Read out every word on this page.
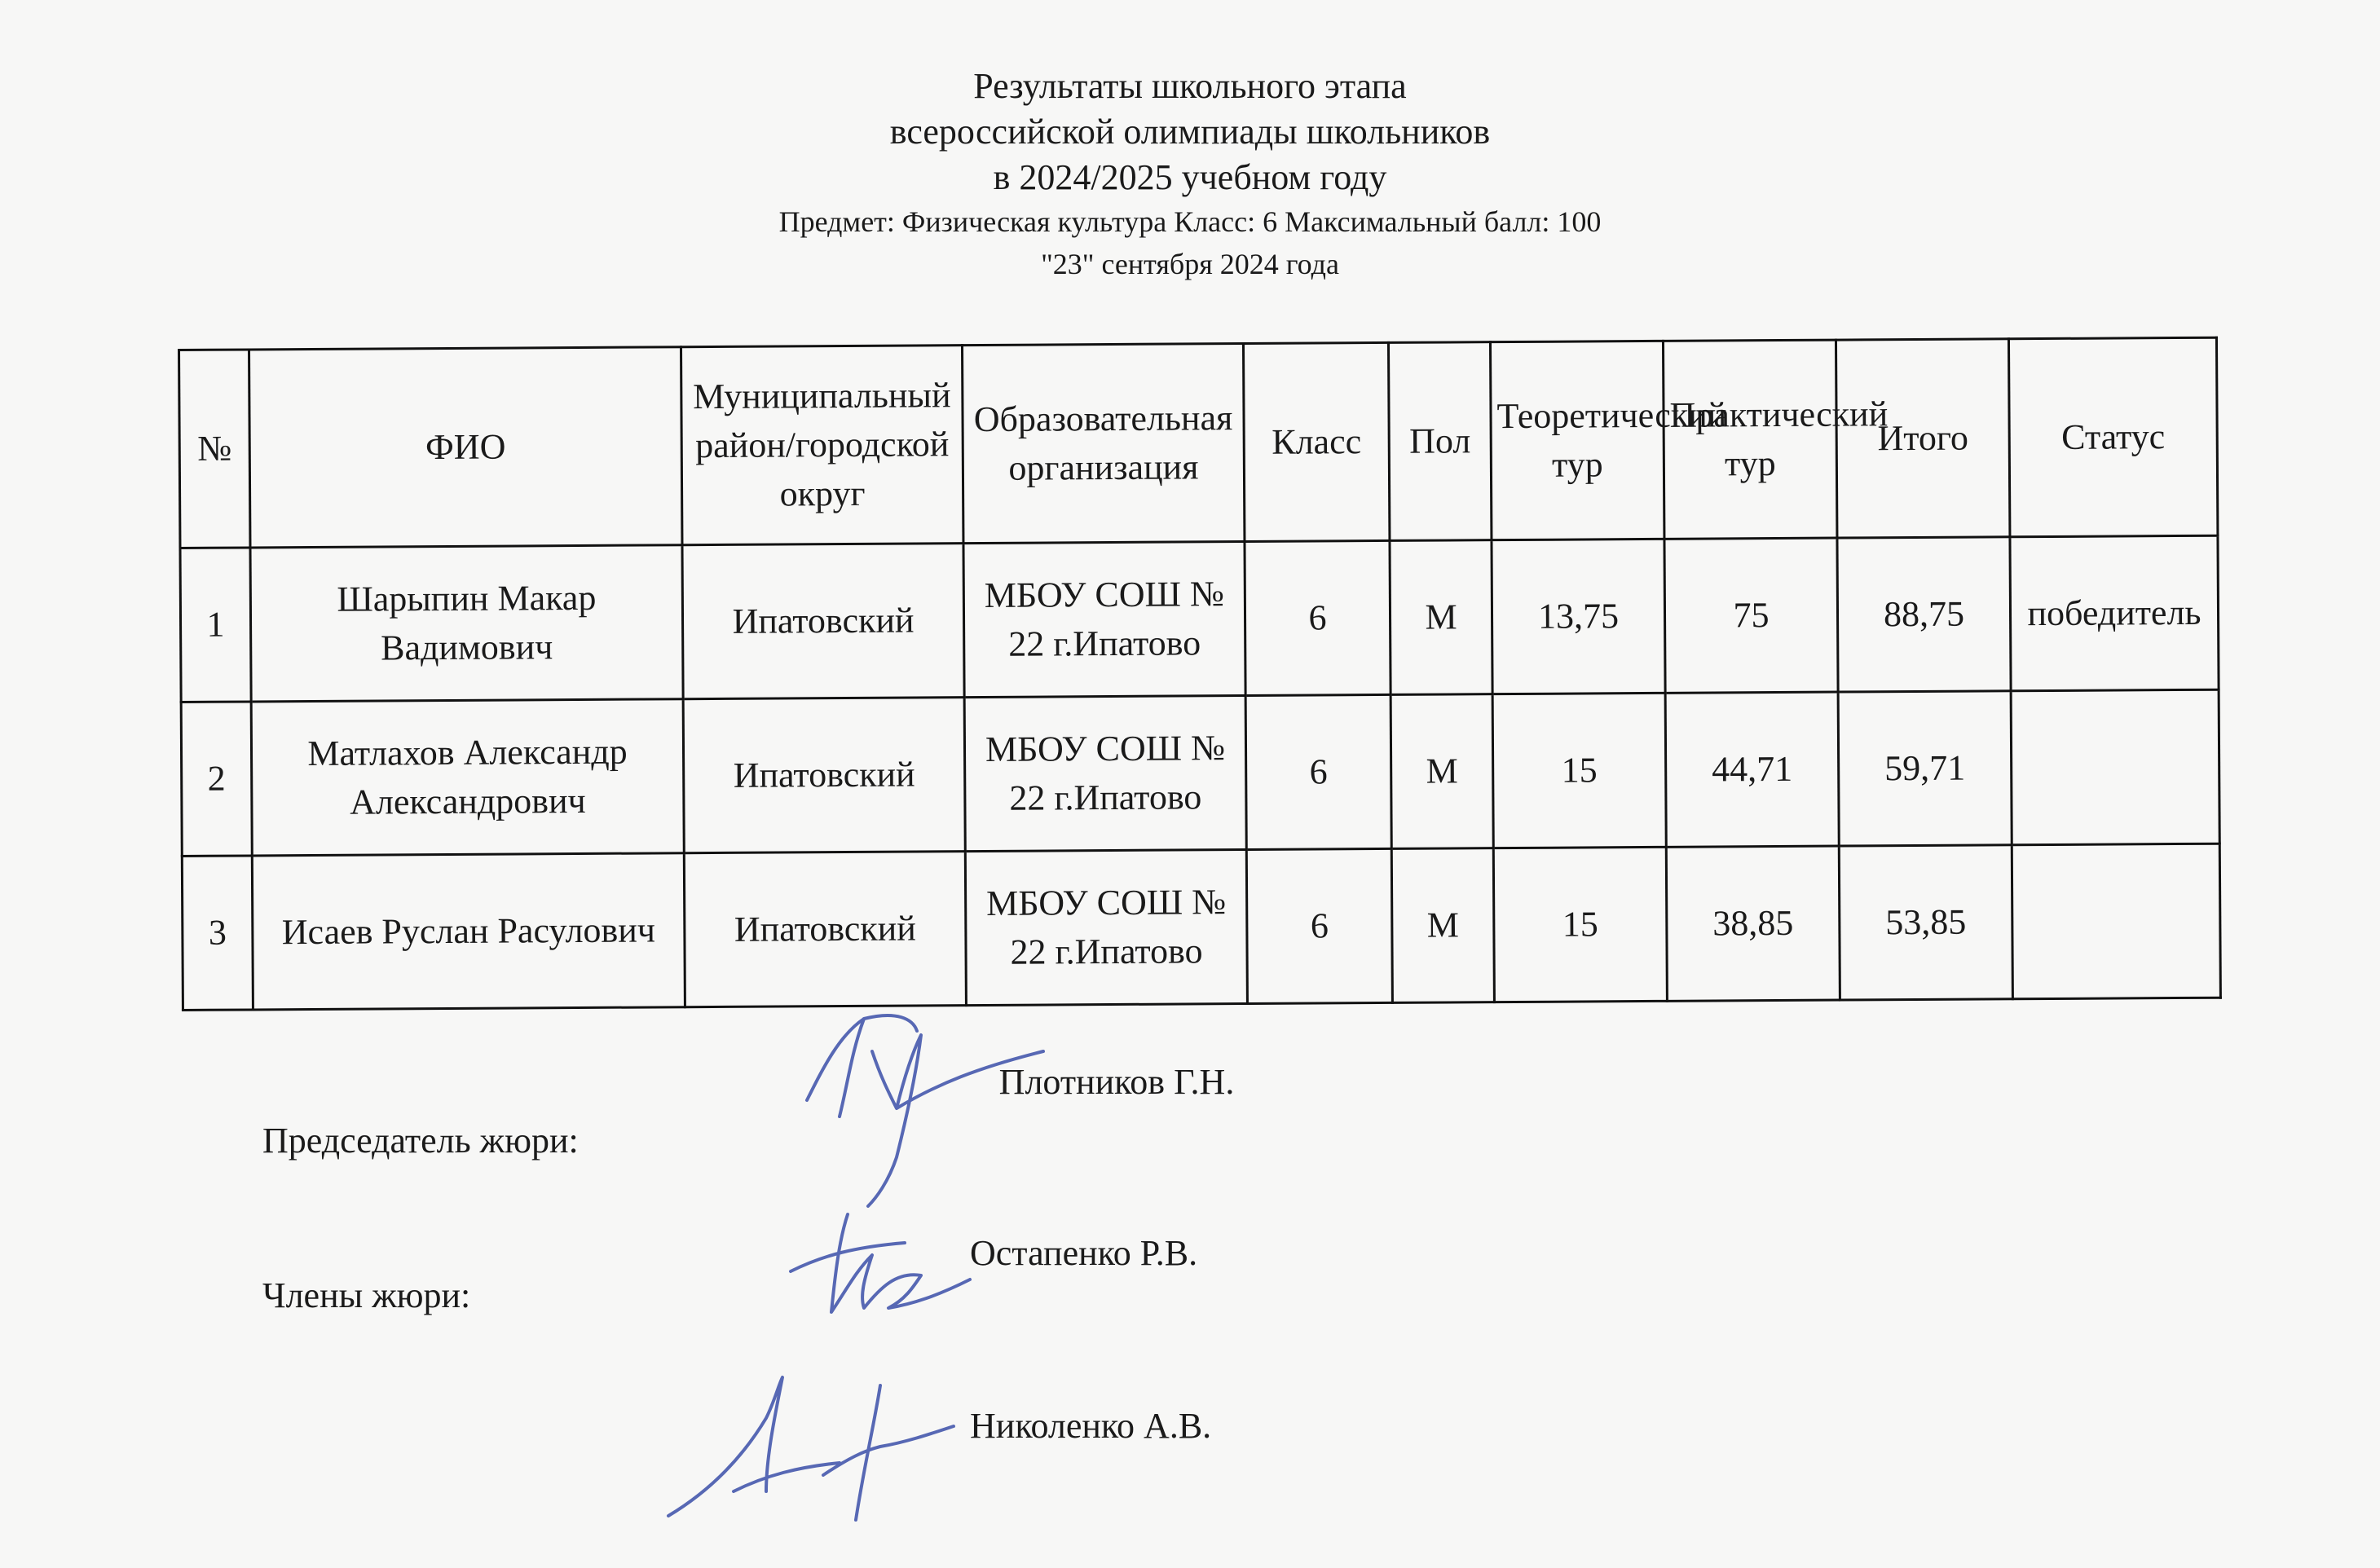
Результаты школьного этапа
всероссийской олимпиады школьников
в 2024/2025 учебном году
Предмет: Физическая культура Класс: 6 Максимальный балл: 100
"23" сентября 2024 года
№	ФИО	Муниципальный район/городской округ	Образовательная организация	Класс	Пол	Теоретический тур	Практический тур	Итого	Статус
1	Шарыпин Макар Вадимович	Ипатовский	МБОУ СОШ № 22 г.Ипатово	6	М	13,75	75	88,75	победитель
2	Матлахов Александр Александрович	Ипатовский	МБОУ СОШ № 22 г.Ипатово	6	М	15	44,71	59,71	
3	Исаев Руслан Расулович	Ипатовский	МБОУ СОШ № 22 г.Ипатово	6	М	15	38,85	53,85	
Председатель жюри:
Плотников Г.Н.
Члены жюри:
Остапенко Р.В.
Николенко А.В.
